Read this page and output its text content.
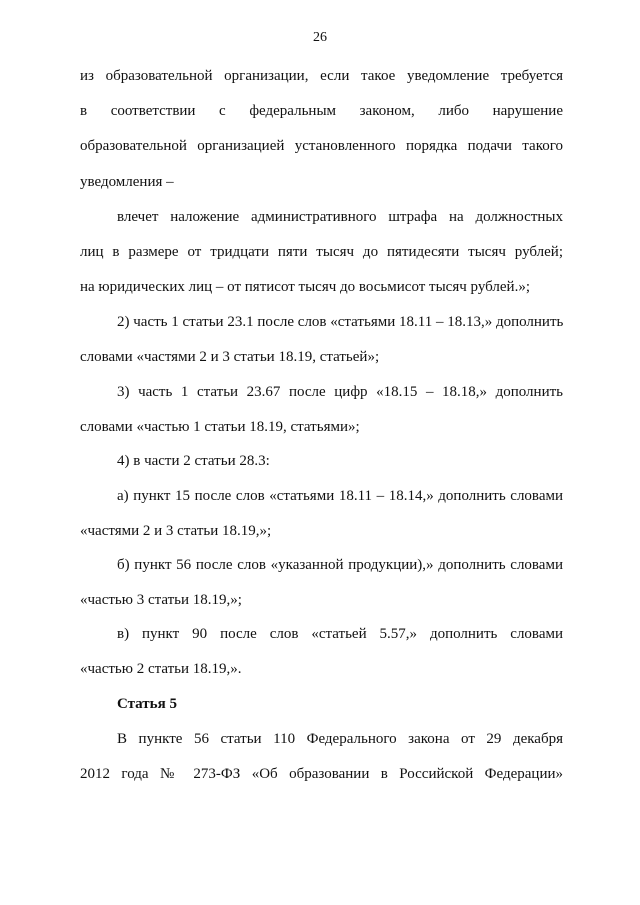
26
из образовательной организации, если такое уведомление требуется
в соответствии с федеральным законом, либо нарушение
образовательной организацией установленного порядка подачи такого
уведомления –
влечет наложение административного штрафа на должностных
лиц в размере от тридцати пяти тысяч до пятидесяти тысяч рублей;
на юридических лиц – от пятисот тысяч до восьмисот тысяч рублей.»;
2) часть 1 статьи 23.1 после слов «статьями 18.11 – 18.13,» дополнить
словами «частями 2 и 3 статьи 18.19, статьей»;
3) часть 1 статьи 23.67 после цифр «18.15 – 18.18,» дополнить
словами «частью 1 статьи 18.19, статьями»;
4) в части 2 статьи 28.3:
а) пункт 15 после слов «статьями 18.11 – 18.14,» дополнить словами
«частями 2 и 3 статьи 18.19,»;
б) пункт 56 после слов «указанной продукции),» дополнить словами
«частью 3 статьи 18.19,»;
в) пункт 90 после слов «статьей 5.57,» дополнить словами
«частью 2 статьи 18.19,».
Статья 5
В пункте 56 статьи 110 Федерального закона от 29 декабря
2012 года № 273-ФЗ «Об образовании в Российской Федерации»
